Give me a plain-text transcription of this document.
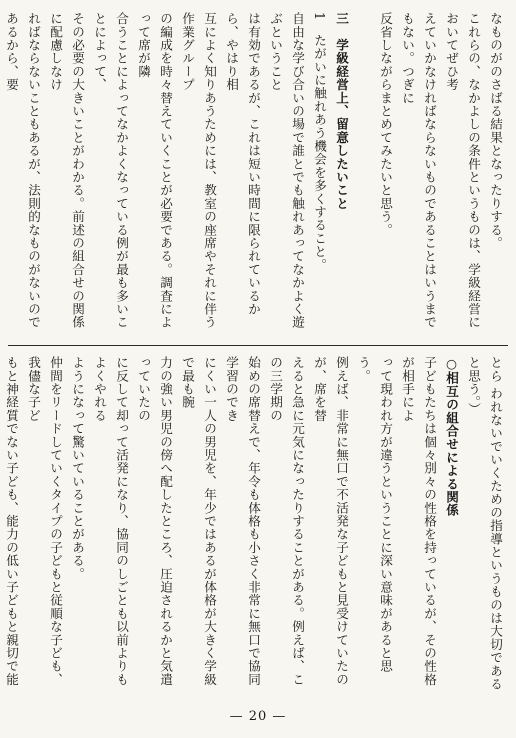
なものがのさばる結果となったりする。

これらの、なかよしの条件というものは、学級経営においてぜひ考

えていかなければならないものであることはいうまでもない。つぎに

反省しながらまとめてみたいと思う。

三　学級経営上、留意したいこと

1　たがいに触れあう機会を多くすること。

自由な学び合いの場で誰とでも触れあってなかよく遊ぶということ

は有効であるが、これは短い時間に限られているから、やはり相

互によく知りあうためには、教室の座席やそれに伴う作業グループ

の編成を時々替えていくことが必要である。調査によって席が隣

合うことによってなかよくなっている例が最も多いことによって、

その必要の大きいことがわかる。前述の組合せの関係に配慮しなけ

ればならないこともあるが、法則的なものがないのであるから、要

とら われないでいくための指導というものは大切であると思う。）

○相互の組合せによる関係

子どもたちは個々別々の性格を持っているが、その性格が相手によ

って現われ方が違うということに深い意味があると思う。

例えば、非常に無口で不活発な子どもと見受けていたのが、席を替

えると急に元気になったりすることがある。例えば、この三学期の

始めの席替えで、年令も体格も小さく非常に無口で協同学習のでき

にくい一人の男児を、年少ではあるが体格が大きく学級で最も腕

力の強い男児の傍へ配したところ、圧迫されるかと気遣っていたの

に反して却って活発になり、協同のしごとも以前よりもよくやれる

ようになって驚いていることがある。

仲間をリードしていくタイプの子どもと従順な子ども、我儘な子ど

もと神経質でない子ども、能力の低い子どもと親切で能

— 20 —
